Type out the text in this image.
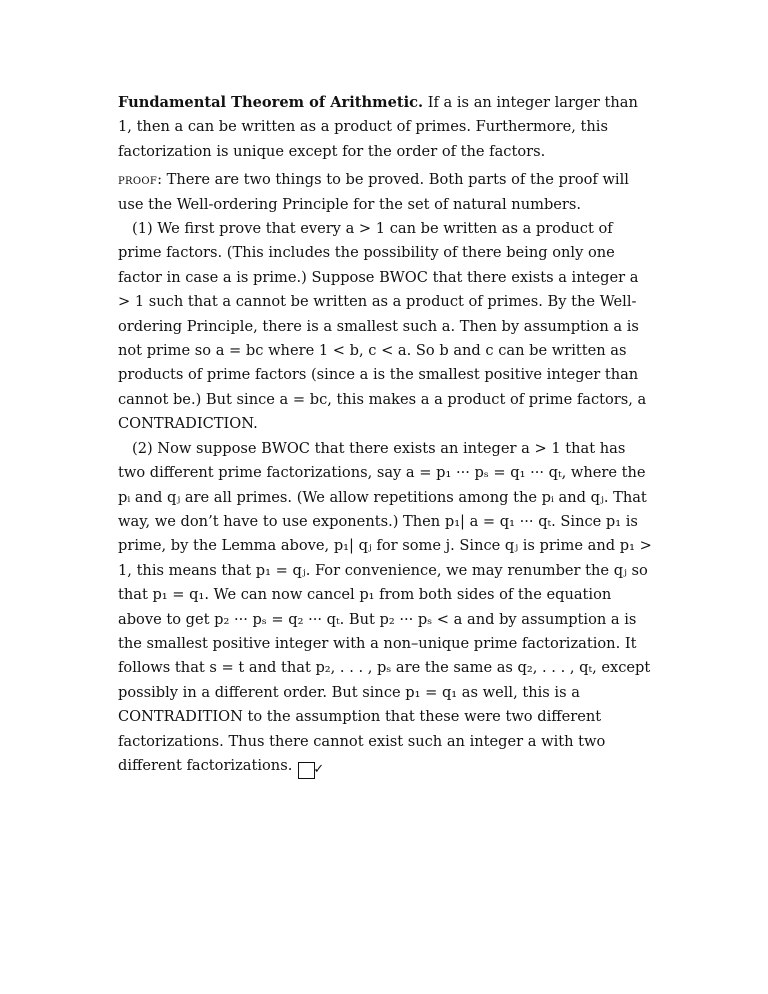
Fundamental Theorem of Arithmetic. If a is an integer larger than 1, then a can be written as a product of primes. Furthermore, this factorization is unique except for the order of the factors.

proof: There are two things to be proved. Both parts of the proof will use the Well-ordering Principle for the set of natural numbers.

(1) We first prove that every a > 1 can be written as a product of prime factors. (This includes the possibility of there being only one factor in case a is prime.) Suppose BWOC that there exists a integer a > 1 such that a cannot be written as a product of primes. By the Well-ordering Principle, there is a smallest such a. Then by assumption a is not prime so a = bc where 1 < b, c < a. So b and c can be written as products of prime factors (since a is the smallest positive integer than cannot be.) But since a = bc, this makes a a product of prime factors, a CONTRADICTION.

(2) Now suppose BWOC that there exists an integer a > 1 that has two different prime factorizations, say a = p₁ ··· pₛ = q₁ ··· qₜ, where the pᵢ and qⱼ are all primes. (We allow repetitions among the pᵢ and qⱼ. That way, we don’t have to use exponents.) Then p₁| a = q₁ ··· qₜ. Since p₁ is prime, by the Lemma above, p₁| qⱼ for some j. Since qⱼ is prime and p₁ > 1, this means that p₁ = qⱼ. For convenience, we may renumber the qⱼ so that p₁ = q₁. We can now cancel p₁ from both sides of the equation above to get p₂ ··· pₛ = q₂ ··· qₜ. But p₂ ··· pₛ < a and by assumption a is the smallest positive integer with a non–unique prime factorization. It follows that s = t and that p₂, . . . , pₛ are the same as q₂, . . . , qₜ, except possibly in a different order. But since p₁ = q₁ as well, this is a CONTRADITION to the assumption that these were two different factorizations. Thus there cannot exist such an integer a with two different factorizations. ✓
